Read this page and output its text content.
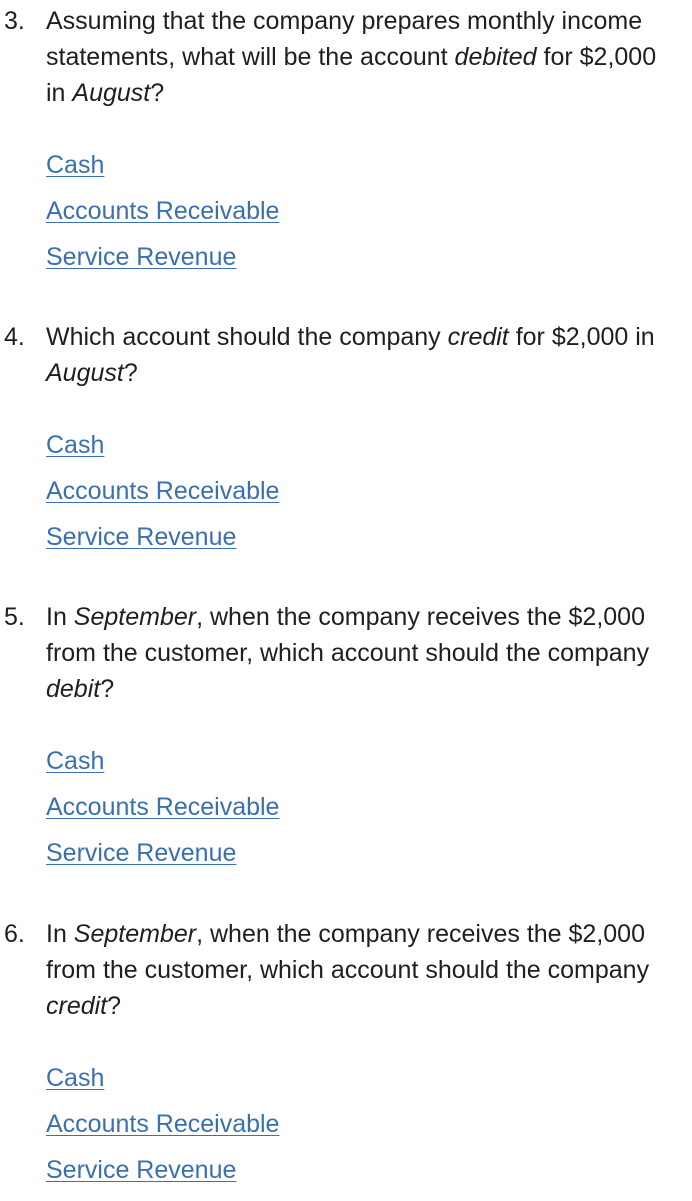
3. Assuming that the company prepares monthly income statements, what will be the account debited for $2,000 in August?
Cash
Accounts Receivable
Service Revenue
4. Which account should the company credit for $2,000 in August?
Cash
Accounts Receivable
Service Revenue
5. In September, when the company receives the $2,000 from the customer, which account should the company debit?
Cash
Accounts Receivable
Service Revenue
6. In September, when the company receives the $2,000 from the customer, which account should the company credit?
Cash
Accounts Receivable
Service Revenue
